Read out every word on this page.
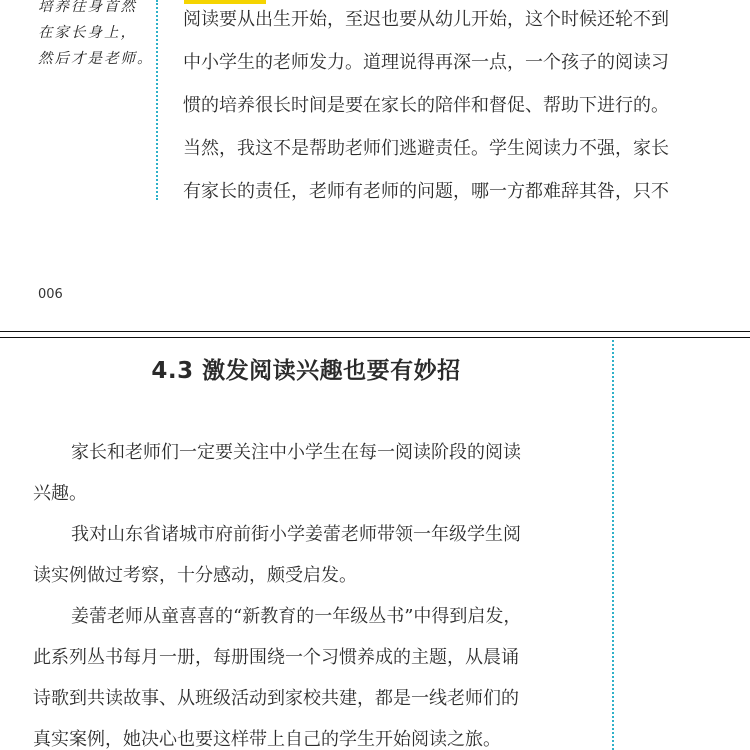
培养往身首然
在家长身上，
然后才是老师。
阅读要从出生开始，至迟也要从幼儿开始，这个时候还轮不到
中小学生的老师发力。道理说得再深一点，一个孩子的阅读习
惯的培养很长时间是要在家长的陪伴和督促、帮助下进行的。
当然，我这不是帮助老师们逃避责任。学生阅读力不强，家长
有家长的责任，老师有老师的问题，哪一方都难辞其咎，只不
006
4.3 激发阅读兴趣也要有妙招
家长和老师们一定要关注中小学生在每一阅读阶段的阅读
兴趣。
我对山东省诸城市府前街小学姜蕾老师带领一年级学生阅
读实例做过考察，十分感动，颇受启发。
姜蕾老师从童喜喜的“新教育的一年级丛书”中得到启发，
此系列丛书每月一册，每册围绕一个习惯养成的主题，从晨诵
诗歌到共读故事、从班级活动到家校共建，都是一线老师们的
真实案例，她决心也要这样带上自己的学生开始阅读之旅。
